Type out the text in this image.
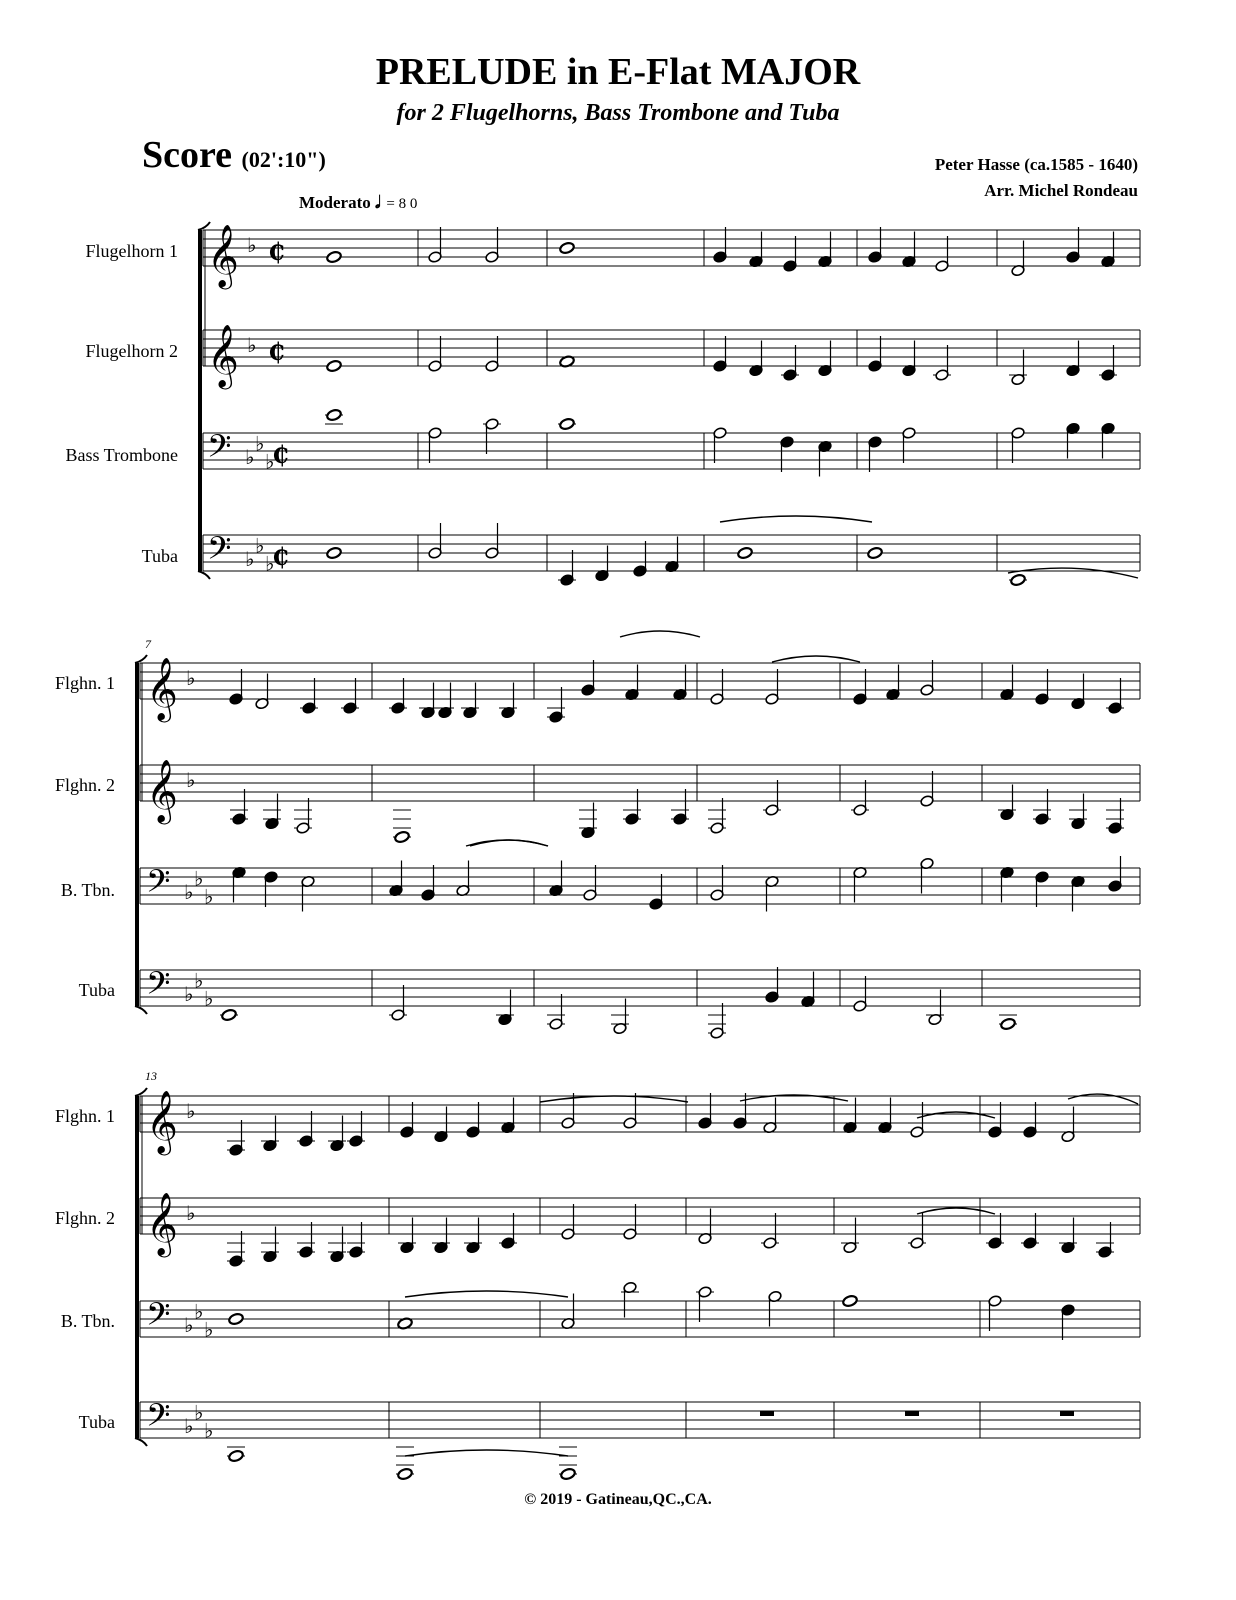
PRELUDE in E-Flat MAJOR
for 2 Flugelhorns, Bass Trombone and Tuba
Score (02':10")	Peter Hasse (ca.1585 - 1640)
Arr. Michel Rondeau
Moderato 𝅗𝅥 = 8 0
Flugelhorn 1
Flugelhorn 2
Bass Trombone
Tuba
7
Flghn. 1
Flghn. 2
B. Tbn.
Tuba
13
Flghn. 1
Flghn. 2
B. Tbn.
Tuba
𝄞 ♭ ₵
𝄞 ♭ ₵
𝄢 ♭
♭
♭
₵
𝄢 ♭
♭
♭
₵
𝄞 ♭
𝄞 ♭
𝄢 ♭
♭
♭
𝄢 ♭
♭
♭
𝄞 ♭
𝄞 ♭
𝄢 ♭
♭
♭
𝄢 ♭
♭
♭
© 2019 - Gatineau,QC.,CA.
